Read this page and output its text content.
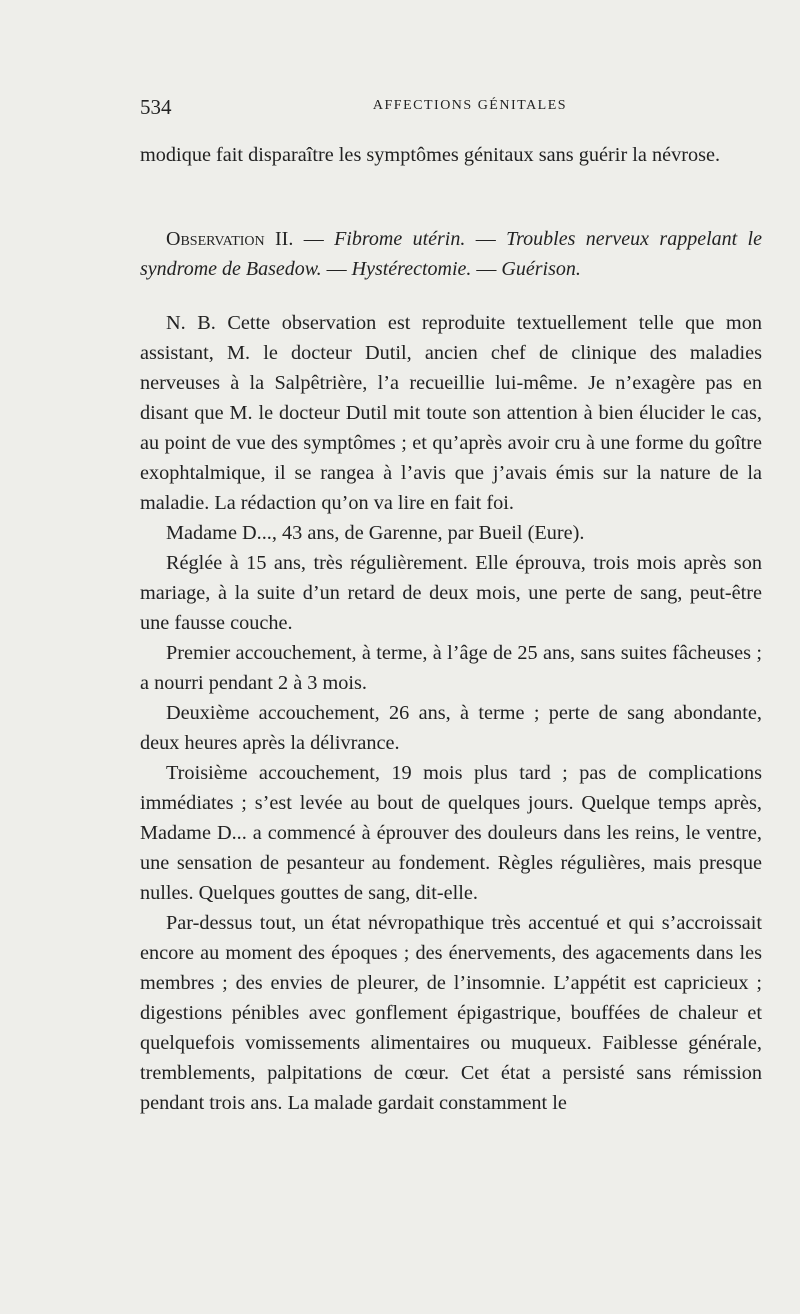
534	AFFECTIONS GÉNITALES

modique fait disparaître les symptômes génitaux sans guérir la névrose.

Observation II. — Fibrome utérin. — Troubles nerveux rappelant le syndrome de Basedow. — Hystérectomie. — Guérison.

N. B. Cette observation est reproduite textuellement telle que mon assistant, M. le docteur Dutil, ancien chef de clinique des maladies nerveuses à la Salpêtrière, l’a recueillie lui-même. Je n’exagère pas en disant que M. le docteur Dutil mit toute son attention à bien élucider le cas, au point de vue des symptômes ; et qu’après avoir cru à une forme du goître exophtalmique, il se rangea à l’avis que j’avais émis sur la nature de la maladie. La rédaction qu’on va lire en fait foi.

Madame D..., 43 ans, de Garenne, par Bueil (Eure).

Réglée à 15 ans, très régulièrement. Elle éprouva, trois mois après son mariage, à la suite d’un retard de deux mois, une perte de sang, peut-être une fausse couche.

Premier accouchement, à terme, à l’âge de 25 ans, sans suites fâcheuses ; a nourri pendant 2 à 3 mois.

Deuxième accouchement, 26 ans, à terme ; perte de sang abondante, deux heures après la délivrance.

Troisième accouchement, 19 mois plus tard ; pas de complications immédiates ; s’est levée au bout de quelques jours. Quelque temps après, Madame D... a commencé à éprouver des douleurs dans les reins, le ventre, une sensation de pesanteur au fondement. Règles régulières, mais presque nulles. Quelques gouttes de sang, dit-elle.

Par-dessus tout, un état névropathique très accentué et qui s’accroissait encore au moment des époques ; des énervements, des agacements dans les membres ; des envies de pleurer, de l’insomnie. L’appétit est capricieux ; digestions pénibles avec gonflement épigastrique, bouffées de chaleur et quelquefois vomissements alimentaires ou muqueux. Faiblesse générale, tremblements, palpitations de cœur. Cet état a persisté sans rémission pendant trois ans. La malade gardait constamment le
